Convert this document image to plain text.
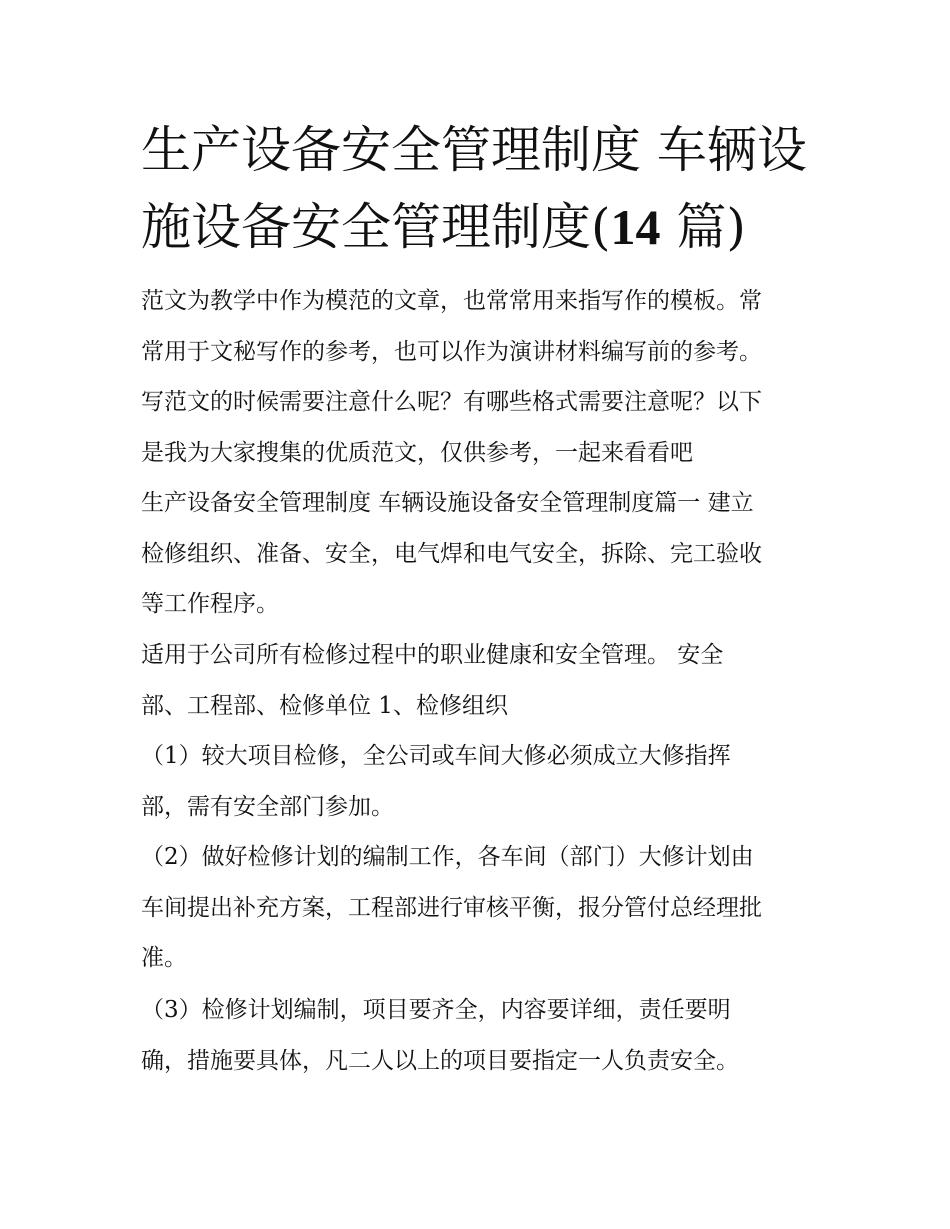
生产设备安全管理制度 车辆设
施设备安全管理制度(14 篇)
范文为教学中作为模范的文章，也常常用来指写作的模板。常
常用于文秘写作的参考，也可以作为演讲材料编写前的参考。
写范文的时候需要注意什么呢？有哪些格式需要注意呢？以下
是我为大家搜集的优质范文，仅供参考，一起来看看吧
生产设备安全管理制度 车辆设施设备安全管理制度篇一 建立
检修组织、准备、安全，电气焊和电气安全，拆除、完工验收
等工作程序。
适用于公司所有检修过程中的职业健康和安全管理。 安全
部、工程部、检修单位 1、检修组织
（1）较大项目检修，全公司或车间大修必须成立大修指挥
部，需有安全部门参加。
（2）做好检修计划的编制工作，各车间（部门）大修计划由
车间提出补充方案，工程部进行审核平衡，报分管付总经理批
准。
（3）检修计划编制，项目要齐全，内容要详细，责任要明
确，措施要具体，凡二人以上的项目要指定一人负责安全。
